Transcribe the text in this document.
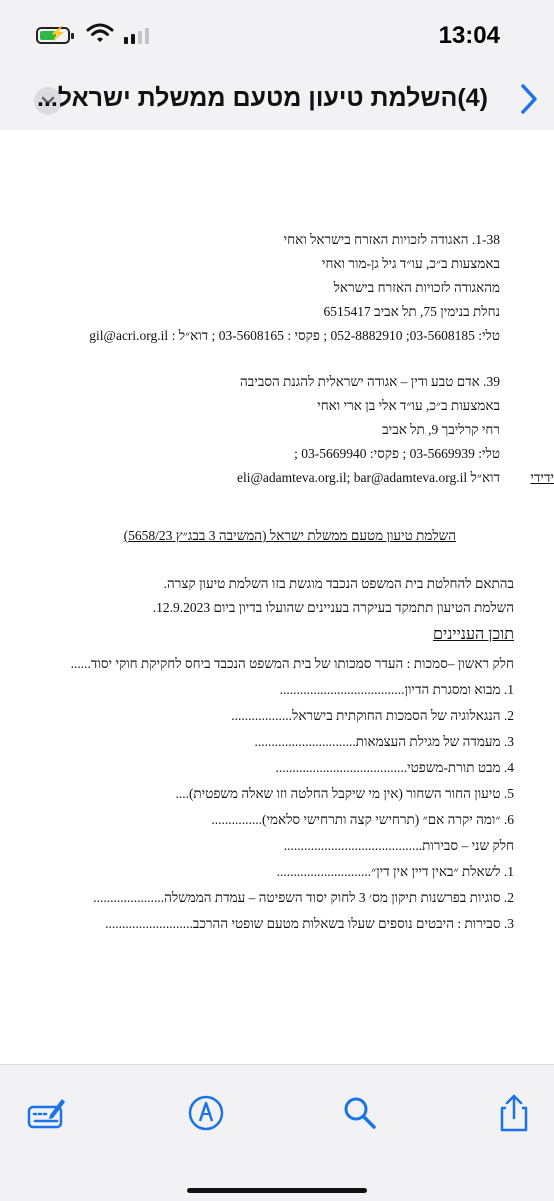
⚡	13:04
(4)השלמת טיעון מטעם ממשלת ישראל...
1-38. האגודה לזכויות האזרח בישראל ואחי
באמצעות ב״כ, עו״ד גיל גן-מור ואחי
מהאגודה לזכויות האזרח בישראל
נחלת בנימין 75, תל אביב 6515417
טלי: 03-5608185; 052-8882910 ; פקסי : 03-5608165 ; דוא״ל : gil@acri.org.il
39. אדם טבע ודין – אגודה ישראלית להגנת הסביבה
באמצעות ב״כ, עו״ד אלי בן ארי ואחי
רחי קרליבך 9, תל אביב
טלי: 03-5669939 ; פקסי: 03-5669940 ;
דוא״ל eli@adamteva.org.il; bar@adamteva.org.il ידידי
השלמת טיעון מטעם ממשלת ישראל (המשיבה 3 בבג״ץ 5658/23)
בהתאם להחלטת בית המשפט הנכבד מוגשת בזו השלמת טיעון קצרה.
השלמת הטיעון תתמקד בעיקרה בעניינים שהועלו בדיון ביום 12.9.2023.
תוכן העניינים
חלק ראשון –סמכות : העדר סמכותו של בית המשפט הנכבד ביחס לחקיקת חוקי יסוד......
1. מבוא ומסגרת הדיון.....................................
2. הנגאלוגיה של הסמכות החוקתית בישראל..................
3. מעמדה של מגילת העצמאות..............................
4. מבט תורת-משפטי.......................................
5. טיעון החור השחור (אין מי שיקבל החלטה וזו שאלה משפטית)....
6. ״ומה יקרה אם״ (תרחישי קצה ותרחישי סלאמי)...............
חלק שני – סבירות.........................................
1. לשאלת ״באין דיין אין דין״............................
2. סוגיות בפרשנות תיקון מס׳ 3 לחוק יסוד השפיטה – עמדת הממשלה.....................
3. סבירות : היבטים נוספים שעלו בשאלות מטעם שופטי ההרכב..........................
